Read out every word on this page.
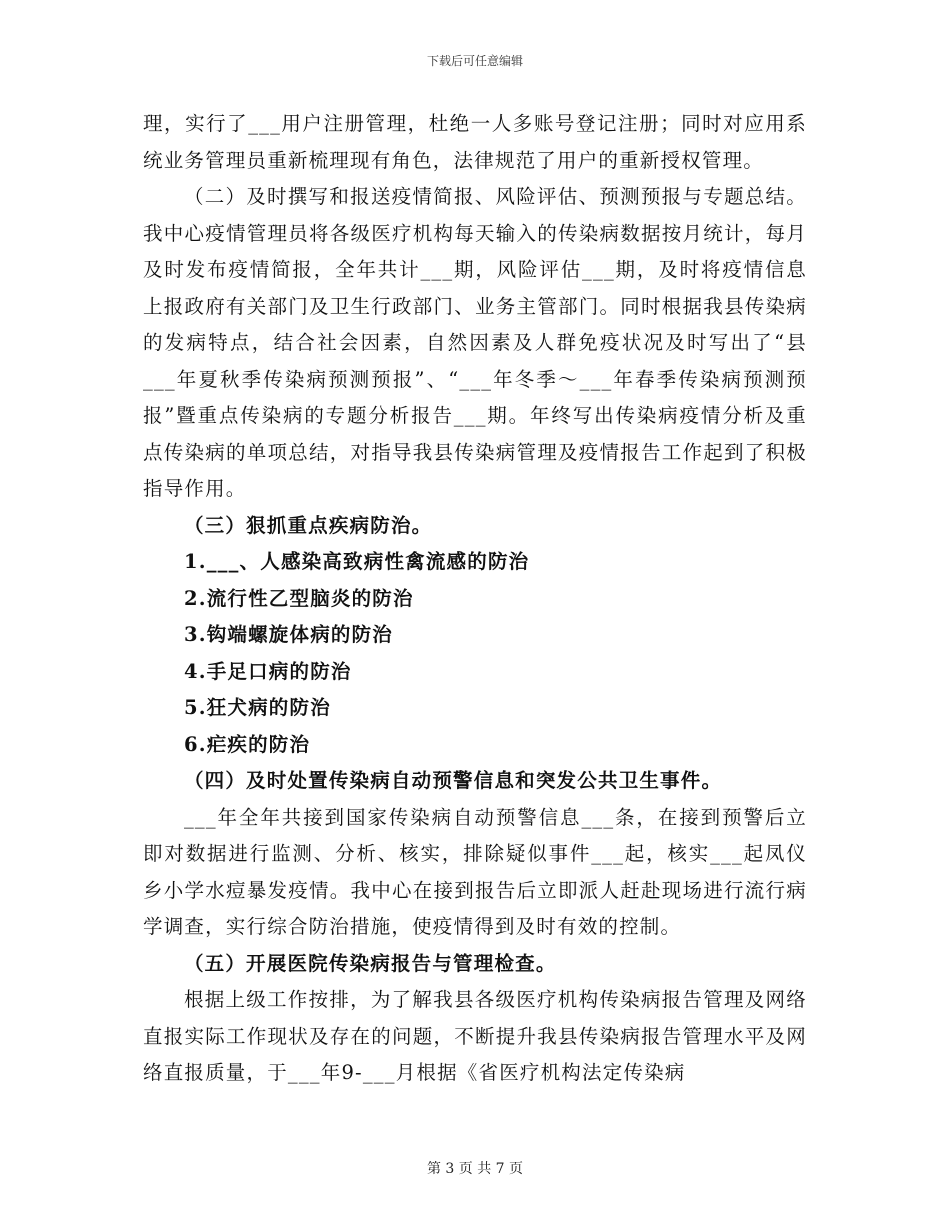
下载后可任意编辑

理，实行了___用户注册管理，杜绝一人多账号登记注册；同时对应用系统业务管理员重新梳理现有角色，法律规范了用户的重新授权管理。

（二）及时撰写和报送疫情简报、风险评估、预测预报与专题总结。我中心疫情管理员将各级医疗机构每天输入的传染病数据按月统计，每月及时发布疫情简报，全年共计___期，风险评估___期，及时将疫情信息上报政府有关部门及卫生行政部门、业务主管部门。同时根据我县传染病的发病特点，结合社会因素，自然因素及人群免疫状况及时写出了“县___年夏秋季传染病预测预报”、“___年冬季～___年春季传染病预测预报”暨重点传染病的专题分析报告___期。年终写出传染病疫情分析及重点传染病的单项总结，对指导我县传染病管理及疫情报告工作起到了积极指导作用。

（三）狠抓重点疾病防治。

1.___、人感染高致病性禽流感的防治

2.流行性乙型脑炎的防治

3.钩端螺旋体病的防治

4.手足口病的防治

5.狂犬病的防治

6.疟疾的防治

（四）及时处置传染病自动预警信息和突发公共卫生事件。

___年全年共接到国家传染病自动预警信息___条，在接到预警后立即对数据进行监测、分析、核实，排除疑似事件___起，核实___起凤仪乡小学水痘暴发疫情。我中心在接到报告后立即派人赶赴现场进行流行病学调查，实行综合防治措施，使疫情得到及时有效的控制。

（五）开展医院传染病报告与管理检查。

根据上级工作按排，为了解我县各级医疗机构传染病报告管理及网络直报实际工作现状及存在的问题，不断提升我县传染病报告管理水平及网络直报质量，于___年9-___月根据《省医疗机构法定传染病

第 3 页 共 7 页
